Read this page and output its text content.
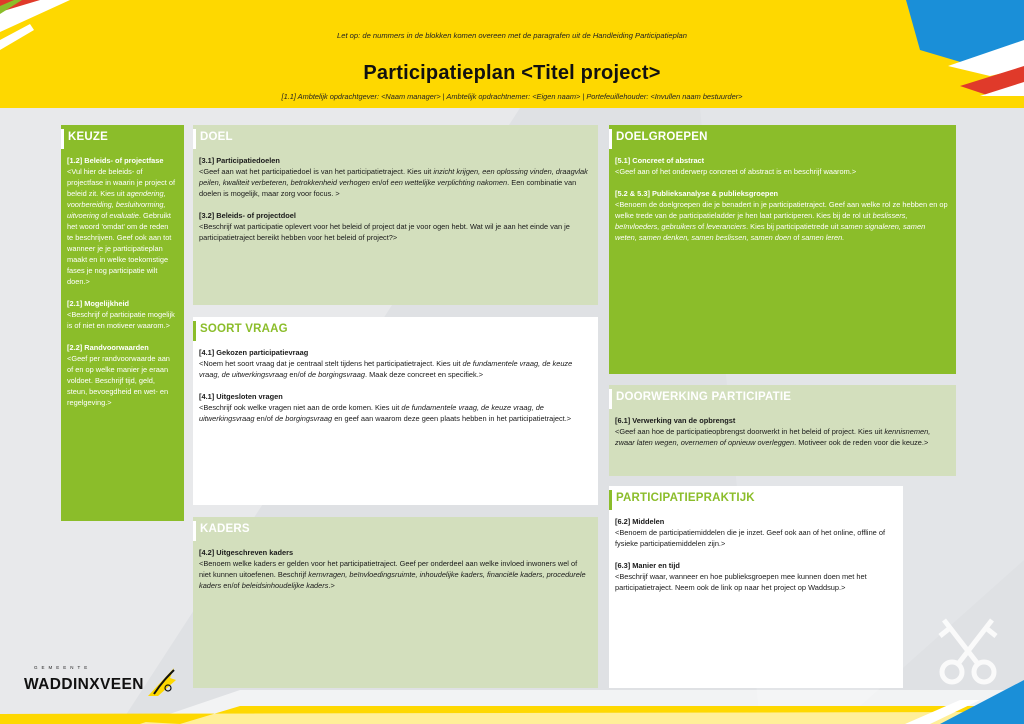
Let op: de nummers in de blokken komen overeen met de paragrafen uit de Handleiding Participatieplan
Participatieplan <Titel project>
[1.1] Ambtelijk opdrachtgever: <Naam manager> | Ambtelijk opdrachtnemer: <Eigen naam> | Portefeuillehouder: <Invullen naam bestuurder>
KEUZE
[1.2] Beleids- of projectfase
<Vul hier de beleids- of projectfase in waarin je project of beleid zit. Kies uit agendering, voorbereiding, besluitvorming, uitvoering of evaluatie. Gebruikt het woord 'omdat' om de reden te beschrijven. Geef ook aan tot wanneer je je participatieplan maakt en in welke toekomstige fases je nog participatie wilt doen.>
[2.1] Mogelijkheid
<Beschrijf of participatie mogelijk is of niet en motiveer waarom.>
[2.2] Randvoorwaarden
<Geef per randvoorwaarde aan of en op welke manier je eraan voldoet. Beschrijf tijd, geld, steun, bevoegdheid en wet- en regelgeving.>
DOEL
[3.1] Participatiedoelen
<Geef aan wat het participatiedoel is van het participatietraject. Kies uit inzicht krijgen, een oplossing vinden, draagvlak peilen, kwaliteit verbeteren, betrokkenheid verhogen en/of een wettelijke verplichting nakomen. Een combinatie van doelen is mogelijk, maar zorg voor focus. >
[3.2] Beleids- of projectdoel
<Beschrijf wat participatie oplevert voor het beleid of project dat je voor ogen hebt. Wat wil je aan het einde van je participatietraject bereikt hebben voor het beleid of project?>
SOORT VRAAG
[4.1] Gekozen participatievraag
<Noem het soort vraag dat je centraal stelt tijdens het participatietraject. Kies uit de fundamentele vraag, de keuze vraag, de uitwerkingsvraag en/of de borgingsvraag. Maak deze concreet en specifiek.>
[4.1] Uitgesloten vragen
<Beschrijf ook welke vragen niet aan de orde komen. Kies uit de fundamentele vraag, de keuze vraag, de uitwerkingsvraag en/of de borgingsvraag en geef aan waarom deze geen plaats hebben in het participatietraject.>
KADERS
[4.2] Uitgeschreven kaders
<Benoem welke kaders er gelden voor het participatietraject. Geef per onderdeel aan welke invloed inwoners wel of niet kunnen uitoefenen. Beschrijf kernvragen, beïnvloedingsruimte, inhoudelijke kaders, financiële kaders, procedurele kaders en/of beleidsinhoudelijke kaders.>
DOELGROEPEN
[5.1] Concreet of abstract
<Geef aan of het onderwerp concreet of abstract is en beschrijf waarom.>
[5.2 & 5.3] Publieksanalyse & publieksgroepen
<Benoem de doelgroepen die je benadert in je participatietraject. Geef aan welke rol ze hebben en op welke trede van de participatieladder je hen laat participeren. Kies bij de rol uit beslissers, beïnvloeders, gebruikers of leveranciers. Kies bij participatietrede uit samen signaleren, samen weten, samen denken, samen beslissen, samen doen of samen leren.
DOORWERKING PARTICIPATIE
[6.1] Verwerking van de opbrengst
<Geef aan hoe de participatieopbrengst doorwerkt in het beleid of project. Kies uit kennisnemen, zwaar laten wegen, overnemen of opnieuw overleggen. Motiveer ook de reden voor die keuze.>
PARTICIPATIEPRAKTIJK
[6.2] Middelen
<Benoem de participatiemiddelen die je inzet. Geef ook aan of het online, offline of fysieke participatiemiddelen zijn.>
[6.3] Manier en tijd
<Beschrijf waar, wanneer en hoe publieksgroepen mee kunnen doen met het participatietraject. Neem ook de link op naar het project op Waddsup.>
GEMEENTE
WADDINXVEEN
